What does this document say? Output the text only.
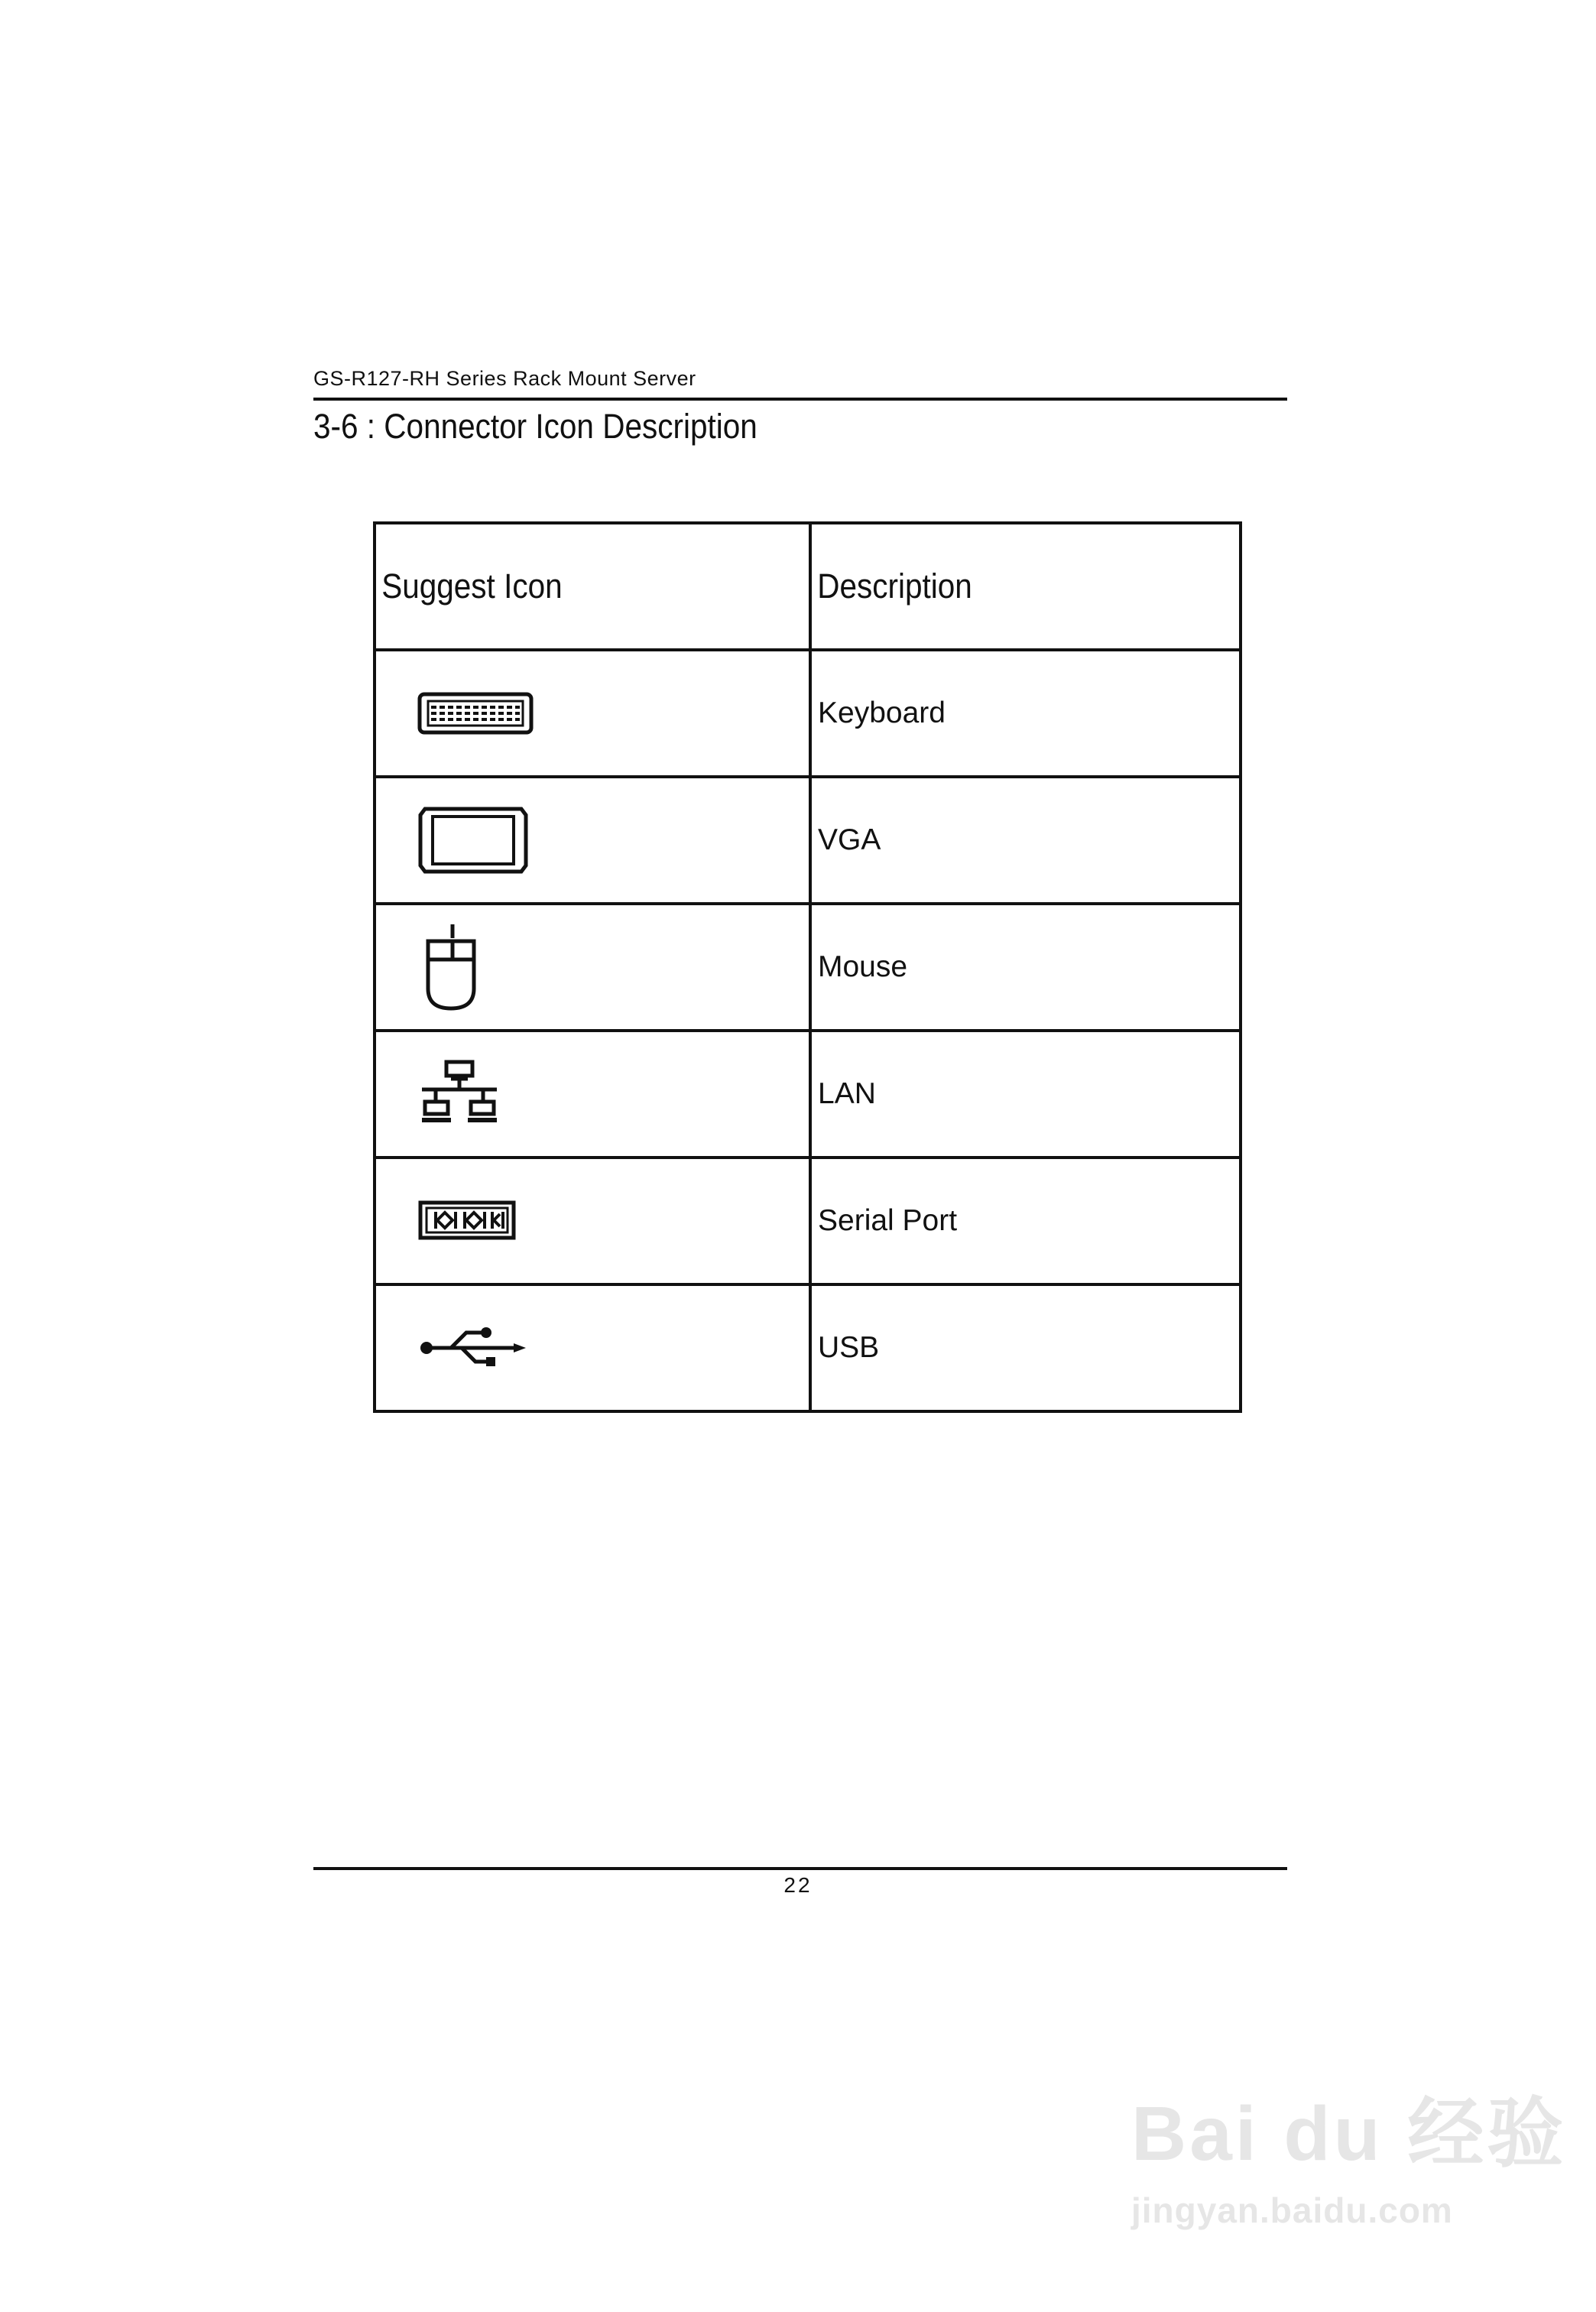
GS-R127-RH Series Rack Mount Server
3-6 : Connector Icon Description
Suggest Icon	Description

	Keyboard

	VGA

	Mouse

	LAN

	Serial Port

	USB
22
Bai du 经验
jingyan.baidu.com
